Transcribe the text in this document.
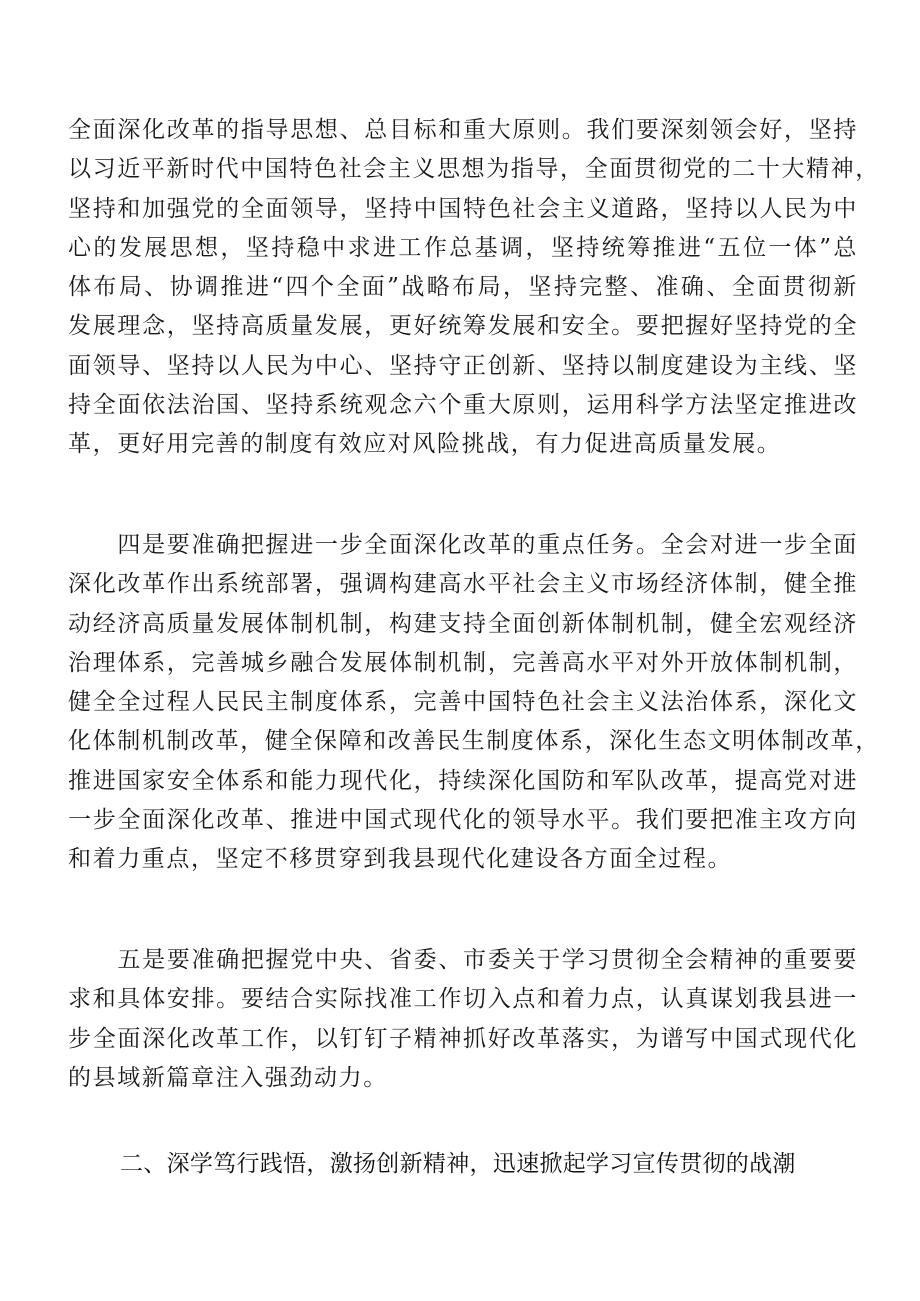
全面深化改革的指导思想、总目标和重大原则。我们要深刻领会好，坚持
以习近平新时代中国特色社会主义思想为指导，全面贯彻党的二十大精神，
坚持和加强党的全面领导，坚持中国特色社会主义道路，坚持以人民为中
心的发展思想，坚持稳中求进工作总基调，坚持统筹推进“五位一体”总
体布局、协调推进“四个全面”战略布局，坚持完整、准确、全面贯彻新
发展理念，坚持高质量发展，更好统筹发展和安全。要把握好坚持党的全
面领导、坚持以人民为中心、坚持守正创新、坚持以制度建设为主线、坚
持全面依法治国、坚持系统观念六个重大原则，运用科学方法坚定推进改
革，更好用完善的制度有效应对风险挑战，有力促进高质量发展。
　　四是要准确把握进一步全面深化改革的重点任务。全会对进一步全面
深化改革作出系统部署，强调构建高水平社会主义市场经济体制，健全推
动经济高质量发展体制机制，构建支持全面创新体制机制，健全宏观经济
治理体系，完善城乡融合发展体制机制，完善高水平对外开放体制机制，
健全全过程人民民主制度体系，完善中国特色社会主义法治体系，深化文
化体制机制改革，健全保障和改善民生制度体系，深化生态文明体制改革，
推进国家安全体系和能力现代化，持续深化国防和军队改革，提高党对进
一步全面深化改革、推进中国式现代化的领导水平。我们要把准主攻方向
和着力重点，坚定不移贯穿到我县现代化建设各方面全过程。
　　五是要准确把握党中央、省委、市委关于学习贯彻全会精神的重要要
求和具体安排。要结合实际找准工作切入点和着力点，认真谋划我县进一
步全面深化改革工作，以钉钉子精神抓好改革落实，为谱写中国式现代化
的县域新篇章注入强劲动力。
二、深学笃行践悟，激扬创新精神，迅速掀起学习宣传贯彻的战潮
